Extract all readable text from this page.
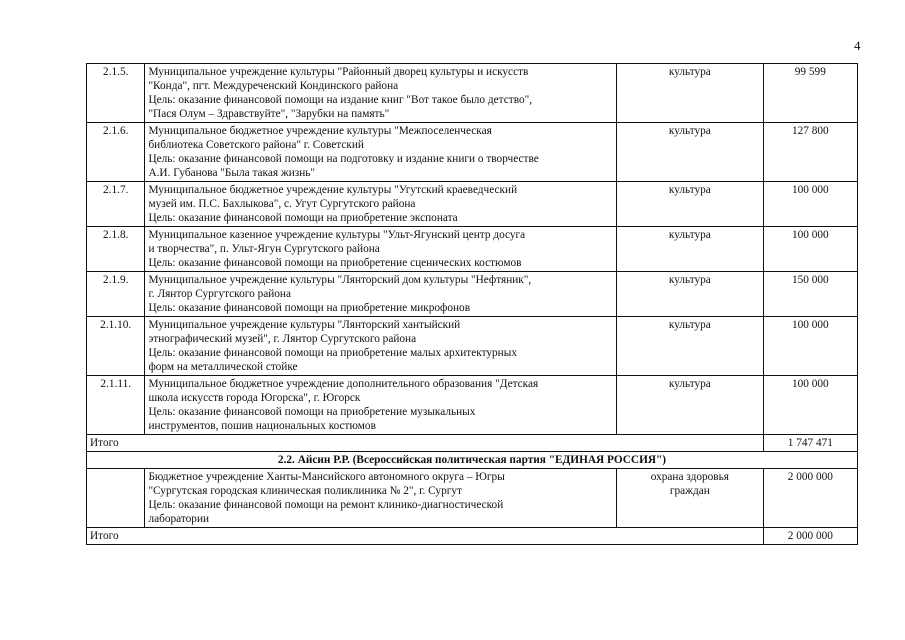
4
2.1.5.	Муниципальное учреждение культуры "Районный дворец культуры и искусств
"Конда", пгт. Междуреченский Кондинского района
Цель: оказание финансовой помощи на издание книг "Вот такое было детство",
"Пася Олум – Здравствуйте", "Зарубки на память"	культура	99 599
2.1.6.	Муниципальное бюджетное учреждение культуры "Межпоселенческая
библиотека Советского района" г. Советский
Цель: оказание финансовой помощи на подготовку и издание книги о творчестве
А.И. Губанова "Была такая жизнь"	культура	127 800
2.1.7.	Муниципальное бюджетное учреждение культуры "Угутский краеведческий
музей им. П.С. Бахлыкова", с. Угут Сургутского района
Цель: оказание финансовой помощи на приобретение экспоната	культура	100 000
2.1.8.	Муниципальное казенное учреждение культуры "Ульт-Ягунский центр досуга
и творчества", п. Ульт-Ягун Сургутского района
Цель: оказание финансовой помощи на приобретение сценических костюмов	культура	100 000
2.1.9.	Муниципальное учреждение культуры "Лянторский дом культуры "Нефтяник",
г. Лянтор Сургутского района
Цель: оказание финансовой помощи на приобретение микрофонов	культура	150 000
2.1.10.	Муниципальное учреждение культуры "Лянторский хантыйский
этнографический музей", г. Лянтор Сургутского района
Цель: оказание финансовой помощи на приобретение малых архитектурных
форм на металлической стойке	культура	100 000
2.1.11.	Муниципальное бюджетное учреждение дополнительного образования "Детская
школа искусств города Югорска", г. Югорск
Цель: оказание финансовой помощи на приобретение музыкальных
инструментов, пошив национальных костюмов	культура	100 000
Итого			1 747 471
2.2. Айсин Р.Р. (Всероссийская политическая партия "ЕДИНАЯ РОССИЯ")			

	Бюджетное учреждение Ханты-Мансийского автономного округа – Югры
"Сургутская городская клиническая поликлиника № 2", г. Сургут
Цель: оказание финансовой помощи на ремонт клинико-диагностической
лаборатории	охрана здоровья
граждан	2 000 000
Итого			2 000 000
